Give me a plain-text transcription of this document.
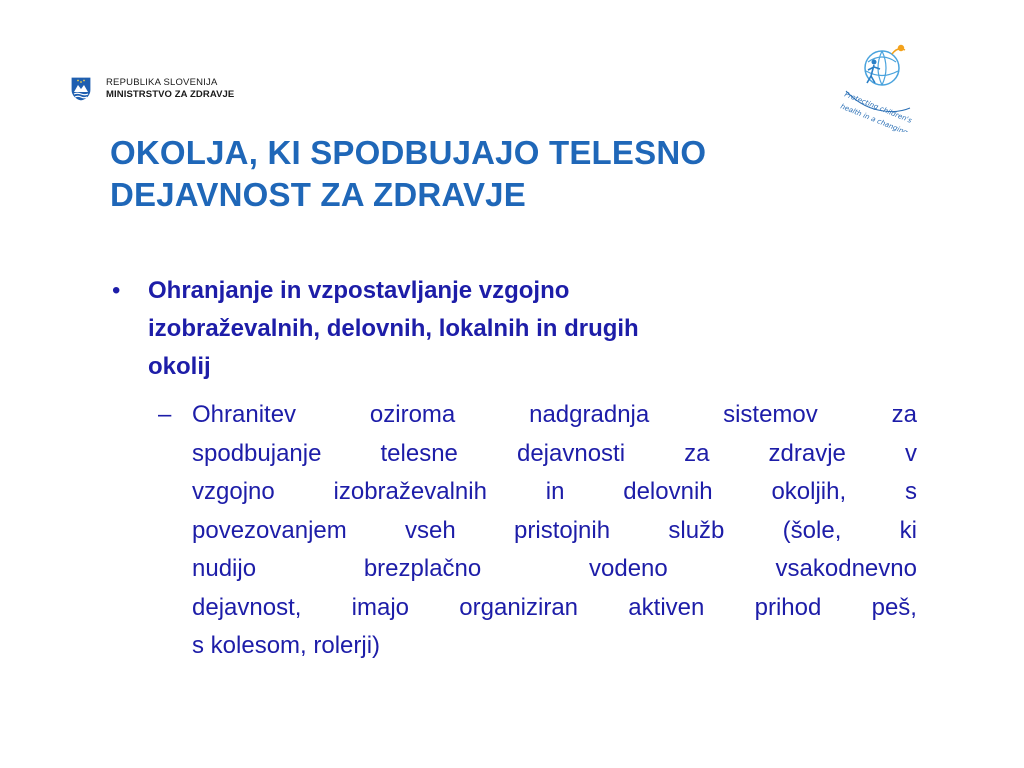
REPUBLIKA SLOVENIJA
MINISTRSTVO ZA ZDRAVJE	Protecting children's
OKOLJA, KI SPODBUJAJO TELESNO
DEJAVNOST ZA ZDRAVJE
• Ohranjanje in vzpostavljanje vzgojno
izobraževalnih, delovnih, lokalnih in drugih
okolij
– Ohranitev	oziroma	nadgradnja	sistemov	za
spodbujanje telesne dejavnosti za zdravje v
vzgojno izobraževalnih in delovnih okoljih, s
povezovanjem vseh pristojnih služb (šole, ki
nudijo	brezplačno	vodeno	vsakodnevno
dejavnost, imajo organiziran aktiven prihod peš,
s kolesom, rolerji)
